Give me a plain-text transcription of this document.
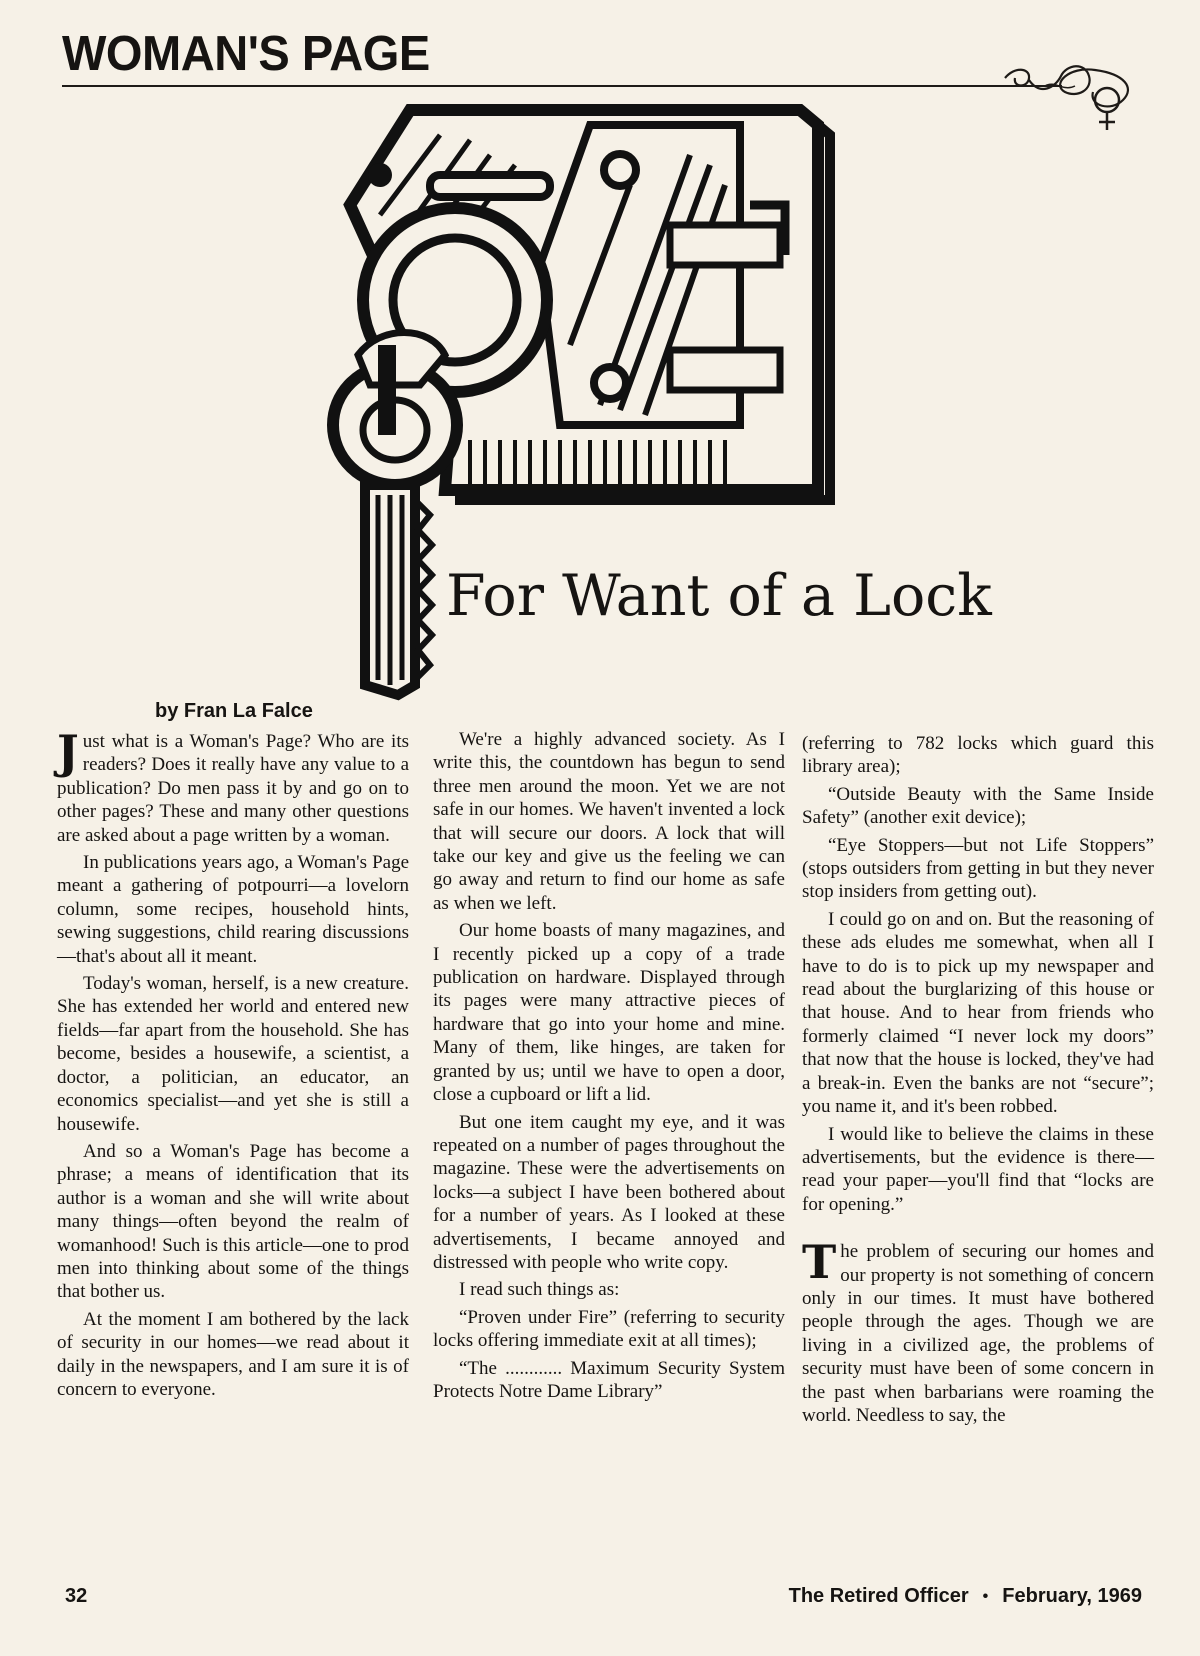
WOMAN'S PAGE
For Want of a Lock
by Fran La Falce

Just what is a Woman's Page? Who are its readers? Does it really have any value to a publication? Do men pass it by and go on to other pages? These and many other questions are asked about a page written by a woman.

In publications years ago, a Woman's Page meant a gathering of potpourri—a lovelorn column, some recipes, household hints, sewing suggestions, child rearing discussions—that's about all it meant.

Today's woman, herself, is a new creature. She has extended her world and entered new fields—far apart from the household. She has become, besides a housewife, a scientist, a doctor, a politician, an educator, an economics specialist—and yet she is still a housewife.

And so a Woman's Page has become a phrase; a means of identification that its author is a woman and she will write about many things—often beyond the realm of womanhood! Such is this article—one to prod men into thinking about some of the things that bother us.

At the moment I am bothered by the lack of security in our homes—we read about it daily in the newspapers, and I am sure it is of concern to everyone.

We're a highly advanced society. As I write this, the countdown has begun to send three men around the moon. Yet we are not safe in our homes. We haven't invented a lock that will secure our doors. A lock that will take our key and give us the feeling we can go away and return to find our home as safe as when we left.

Our home boasts of many magazines, and I recently picked up a copy of a trade publication on hardware. Displayed through its pages were many attractive pieces of hardware that go into your home and mine. Many of them, like hinges, are taken for granted by us; until we have to open a door, close a cupboard or lift a lid.

But one item caught my eye, and it was repeated on a number of pages throughout the magazine. These were the advertisements on locks—a subject I have been bothered about for a number of years. As I looked at these advertisements, I became annoyed and distressed with people who write copy.

I read such things as:

“Proven under Fire” (referring to security locks offering immediate exit at all times);

“The ............ Maximum Security System Protects Notre Dame Library”

(referring to 782 locks which guard this library area);

“Outside Beauty with the Same Inside Safety” (another exit device);

“Eye Stoppers—but not Life Stoppers” (stops outsiders from getting in but they never stop insiders from getting out).

I could go on and on. But the reasoning of these ads eludes me somewhat, when all I have to do is to pick up my newspaper and read about the burglarizing of this house or that house. And to hear from friends who formerly claimed “I never lock my doors” that now that the house is locked, they've had a break-in. Even the banks are not “secure”; you name it, and it's been robbed.

I would like to believe the claims in these advertisements, but the evidence is there—read your paper—you'll find that “locks are for opening.”

The problem of securing our homes and our property is not something of concern only in our times. It must have bothered people through the ages. Though we are living in a civilized age, the problems of security must have been of some concern in the past when barbarians were roaming the world. Needless to say, the

32	The Retired Officer • February, 1969
